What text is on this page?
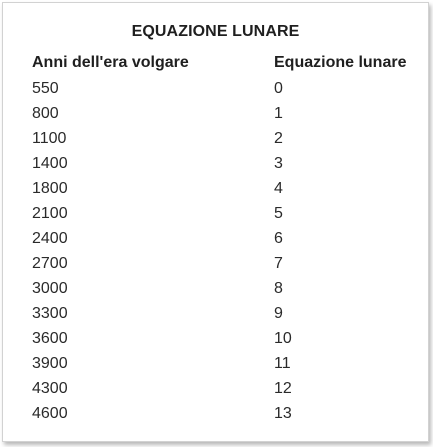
EQUAZIONE LUNARE
Anni dell'era volgare	Equazione lunare
550	0
800	1
1100	2
1400	3
1800	4
2100	5
2400	6
2700	7
3000	8
3300	9
3600	10
3900	11
4300	12
4600	13
